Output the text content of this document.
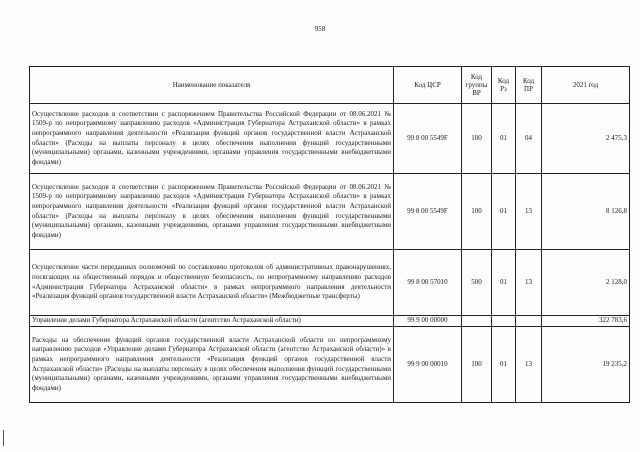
958
Наименование показателя	Код ЦСР	Код группы ВР	Код Рз	Код ПР	2021 год
Осуществление расходов в соответствии с распоряжением Правительства Российской Федерации от 08.06.2021 № 1509-р по непрограммному направлению расходов «Администрация Губернатора Астраханской области» в рамках непрограммного направления деятельности «Реализация функций органов государственной власти Астраханской области» (Расходы на выплаты персоналу в целях обеспечения выполнения функций государственными (муниципальными) органами, казенными учреждениями, органами управления государственными внебюджетными фондами)	99 8 00 5549F	100	01	04	2 475,3
Осуществление расходов в соответствии с распоряжением Правительства Российской Федерации от 08.06.2021 № 1509-р по непрограммному направлению расходов «Администрация Губернатора Астраханской области» в рамках непрограммного направления деятельности «Реализация функций органов государственной власти Астраханской области» (Расходы на выплаты персоналу в целях обеспечения выполнения функций государственными (муниципальными) органами, казенными учреждениями, органами управления государственными внебюджетными фондами)	99 8 00 5549F	100	01	13	8 126,8
Осуществление части переданных полномочий по составлению протоколов об административных правонарушениях, посягающих на общественный порядок и общественную безопасность, по непрограммному направлению расходов «Администрация Губернатора Астраханской области» в рамках непрограммного направления деятельности «Реализация функций органов государственной власти Астраханской области» (Межбюджетные трансферты)	99 8 00 57010	500	01	13	2 128,0
Управление делами Губернатора Астраханской области (агентство Астраханской области)	99 9 00 00000				322 783,6
Расходы на обеспечение функций органов государственной власти Астраханской области по непрограммному направлению расходов «Управление делами Губернатора Астраханской области (агентство Астраханской области)» в рамках непрограммного направления деятельности «Реализация функций органов государственной власти Астраханской области» (Расходы на выплаты персоналу в целях обеспечения выполнения функций государственными (муниципальными) органами, казенными учреждениями, органами управления государственными внебюджетными фондами)	99 9 00 00010	100	01	13	19 235,2
